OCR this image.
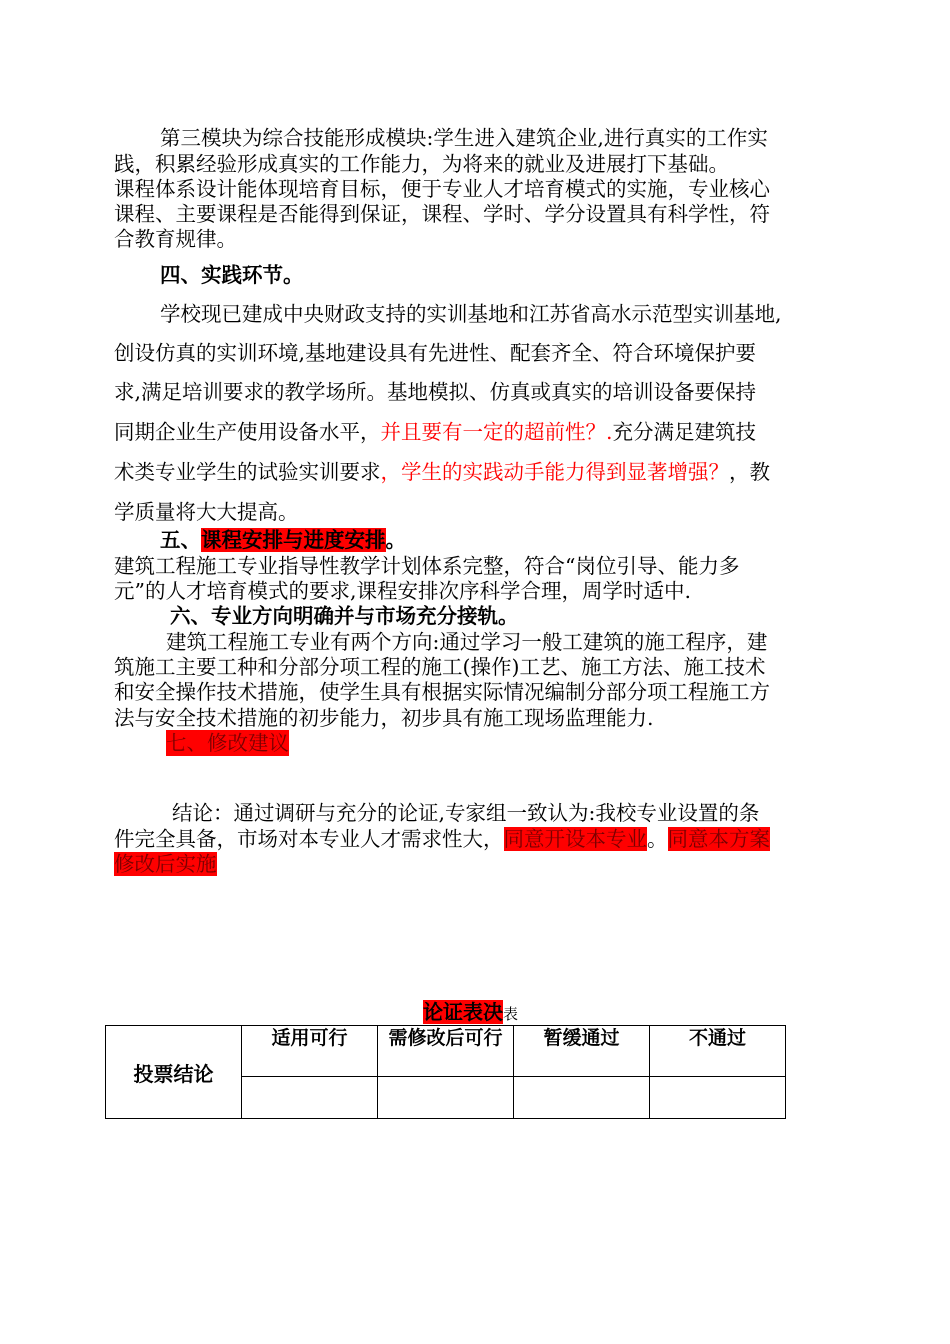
第三模块为综合技能形成模块:学生进入建筑企业,进行真实的工作实
践，积累经验形成真实的工作能力，为将来的就业及进展打下基础。
课程体系设计能体现培育目标，便于专业人才培育模式的实施，专业核心
课程、主要课程是否能得到保证，课程、学时、学分设置具有科学性，符
合教育规律。
四、实践环节。
学校现已建成中央财政支持的实训基地和江苏省高水示范型实训基地,
创设仿真的实训环境,基地建设具有先进性、配套齐全、符合环境保护要
求,满足培训要求的教学场所。基地模拟、仿真或真实的培训设备要保持
同期企业生产使用设备水平，并且要有一定的超前性？.充分满足建筑技
术类专业学生的试验实训要求，学生的实践动手能力得到显著增强？，教
学质量将大大提高。
五、课程安排与进度安排。
建筑工程施工专业指导性教学计划体系完整，符合“岗位引导、能力多
元”的人才培育模式的要求,课程安排次序科学合理，周学时适中.
六、专业方向明确并与市场充分接轨。
建筑工程施工专业有两个方向:通过学习一般工建筑的施工程序，建
筑施工主要工种和分部分项工程的施工(操作)工艺、施工方法、施工技术
和安全操作技术措施，使学生具有根据实际情况编制分部分项工程施工方
法与安全技术措施的初步能力，初步具有施工现场监理能力.
七、修改建议
结论：通过调研与充分的论证,专家组一致认为:我校专业设置的条
件完全具备，市场对本专业人才需求性大，同意开设本专业。同意本方案
修改后实施
论证表决表
投票结论	适用可行	需修改后可行	暂缓通过	不通过
